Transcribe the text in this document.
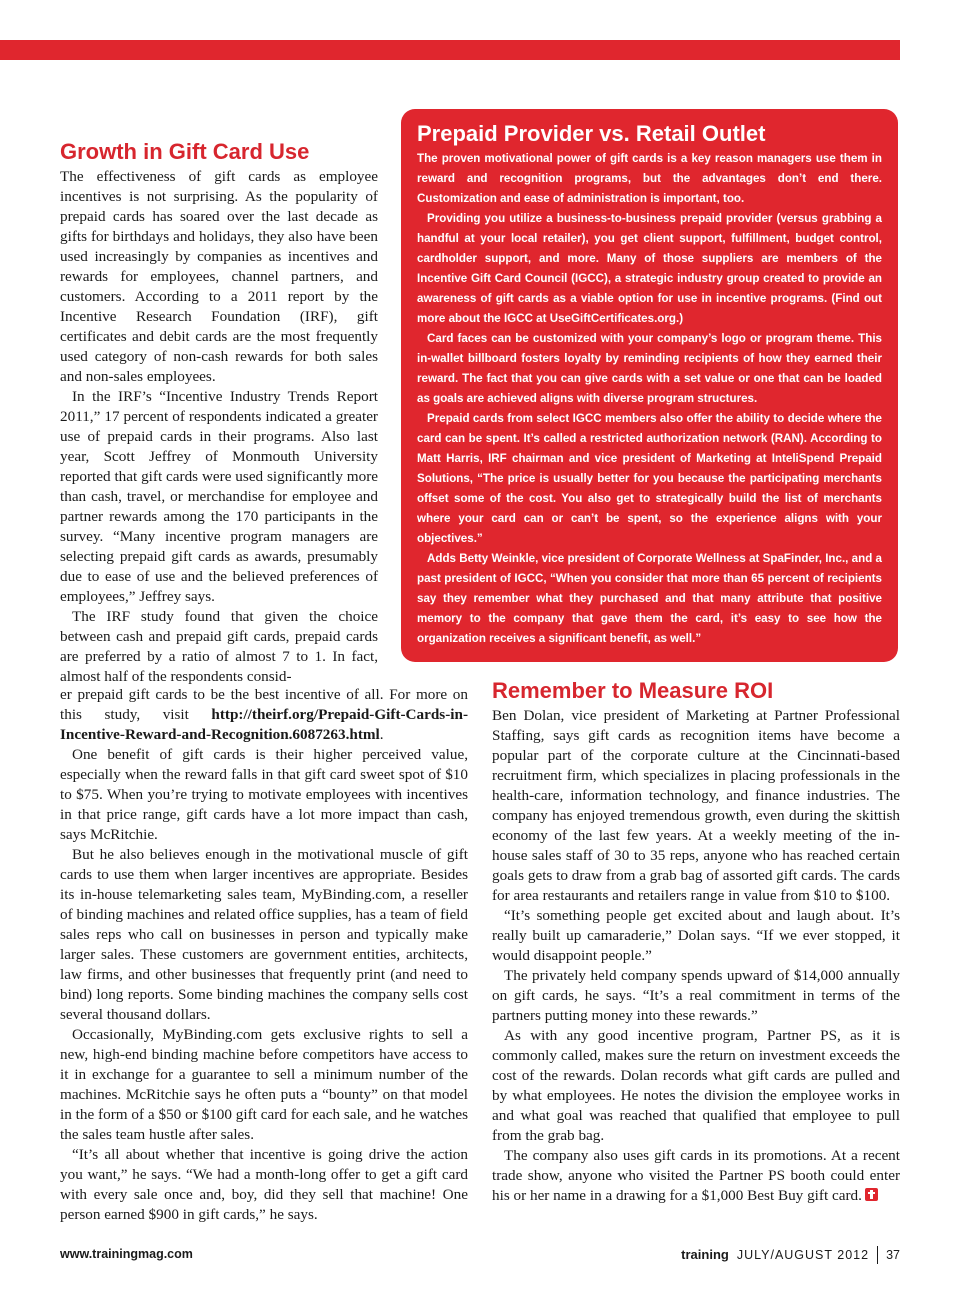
Growth in Gift Card Use

The effectiveness of gift cards as employee incentives is not surprising. As the popularity of prepaid cards has soared over the last decade as gifts for birthdays and holidays, they also have been used increasingly by companies as incentives and rewards for employees, channel partners, and customers. According to a 2011 report by the Incentive Research Foundation (IRF), gift certificates and debit cards are the most frequently used category of non-cash rewards for both sales and non-sales employees.

In the IRF’s “Incentive Industry Trends Report 2011,” 17 percent of respondents indicated a greater use of prepaid cards in their programs. Also last year, Scott Jeffrey of Monmouth University reported that gift cards were used significantly more than cash, travel, or merchandise for employee and partner rewards among the 170 participants in the survey. “Many incentive program managers are selecting prepaid gift cards as awards, presumably due to ease of use and the believed preferences of employees,” Jeffrey says.

The IRF study found that given the choice between cash and prepaid gift cards, prepaid cards are preferred by a ratio of almost 7 to 1. In fact, almost half of the respondents consid-

er prepaid gift cards to be the best incentive of all. For more on this study, visit http://theirf.org/Prepaid-Gift-Cards-in-Incentive-Reward-and-Recognition.6087263.html.

One benefit of gift cards is their higher perceived value, especially when the reward falls in that gift card sweet spot of $10 to $75. When you’re trying to motivate employees with incentives in that price range, gift cards have a lot more impact than cash, says McRitchie.

But he also believes enough in the motivational muscle of gift cards to use them when larger incentives are appropriate. Besides its in-house telemarketing sales team, MyBinding.com, a reseller of binding machines and related office supplies, has a team of field sales reps who call on businesses in person and typically make larger sales. These customers are government entities, architects, law firms, and other businesses that frequently print (and need to bind) long reports. Some binding machines the company sells cost several thousand dollars.

Occasionally, MyBinding.com gets exclusive rights to sell a new, high-end binding machine before competitors have access to it in exchange for a guarantee to sell a minimum number of the machines. McRitchie says he often puts a “bounty” on that model in the form of a $50 or $100 gift card for each sale, and he watches the sales team hustle after sales.

“It’s all about whether that incentive is going drive the action you want,” he says. “We had a month-long offer to get a gift card with every sale once and, boy, did they sell that machine! One person earned $900 in gift cards,” he says.

Prepaid Provider vs. Retail Outlet

The proven motivational power of gift cards is a key reason managers use them in reward and recognition programs, but the advantages don’t end there. Customization and ease of administration is important, too.

Providing you utilize a business-to-business prepaid provider (versus grabbing a handful at your local retailer), you get client support, fulfillment, budget control, cardholder support, and more. Many of those suppliers are members of the Incentive Gift Card Council (IGCC), a strategic industry group created to provide an awareness of gift cards as a viable option for use in incentive programs. (Find out more about the IGCC at UseGiftCertificates.org.)

Card faces can be customized with your company’s logo or program theme. This in-wallet billboard fosters loyalty by reminding recipients of how they earned their reward. The fact that you can give cards with a set value or one that can be loaded as goals are achieved aligns with diverse program structures.

Prepaid cards from select IGCC members also offer the ability to decide where the card can be spent. It’s called a restricted authorization network (RAN). According to Matt Harris, IRF chairman and vice president of Marketing at InteliSpend Prepaid Solutions, “The price is usually better for you because the participating merchants offset some of the cost. You also get to strategically build the list of merchants where your card can or can’t be spent, so the experience aligns with your objectives.”

Adds Betty Weinkle, vice president of Corporate Wellness at SpaFinder, Inc., and a past president of IGCC, “When you consider that more than 65 percent of recipients say they remember what they purchased and that many attribute that positive memory to the company that gave them the card, it’s easy to see how the organization receives a significant benefit, as well.”

Remember to Measure ROI

Ben Dolan, vice president of Marketing at Partner Professional Staffing, says gift cards as recognition items have become a popular part of the corporate culture at the Cincinnati-based recruitment firm, which specializes in placing professionals in the health-care, information technology, and finance industries. The company has enjoyed tremendous growth, even during the skittish economy of the last few years. At a weekly meeting of the in-house sales staff of 30 to 35 reps, anyone who has reached certain goals gets to draw from a grab bag of assorted gift cards. The cards for area restaurants and retailers range in value from $10 to $100.

“It’s something people get excited about and laugh about. It’s really built up camaraderie,” Dolan says. “If we ever stopped, it would disappoint people.”

The privately held company spends upward of $14,000 annually on gift cards, he says. “It’s a real commitment in terms of the partners putting money into these rewards.”

As with any good incentive program, Partner PS, as it is commonly called, makes sure the return on investment exceeds the cost of the rewards. Dolan records what gift cards are pulled and by what employees. He notes the division the employee works in and what goal was reached that qualified that employee to pull from the grab bag.

The company also uses gift cards in its promotions. At a recent trade show, anyone who visited the Partner PS booth could enter his or her name in a drawing for a $1,000 Best Buy gift card.

www.trainingmag.com	training JULY/AUGUST 2012 37
